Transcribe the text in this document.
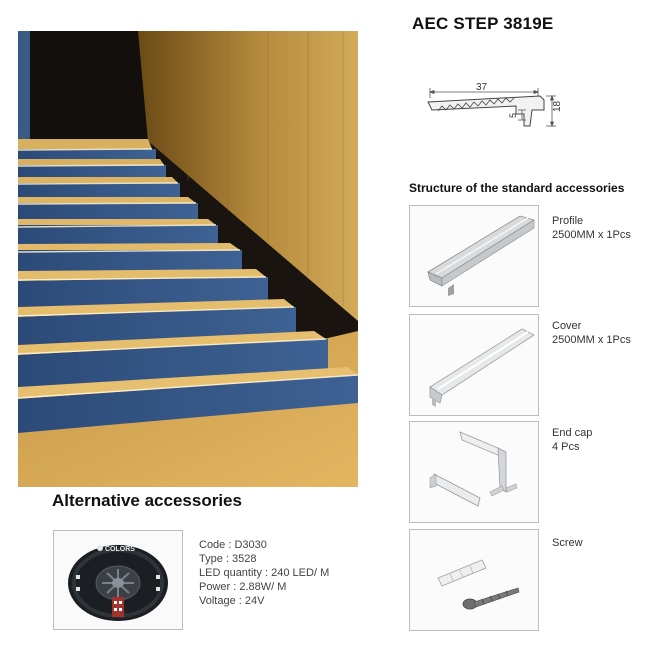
AEC STEP 3819E
37
5
18
Structure of the standard accessories
Profile
2500MM x 1Pcs
Cover
2500MM x 1Pcs
End cap
4 Pcs
Screw
Alternative accessories
COLORS	Code : D3030
Type : 3528
LED quantity : 240 LED/ M
Power : 2.88W/ M
Voltage : 24V
